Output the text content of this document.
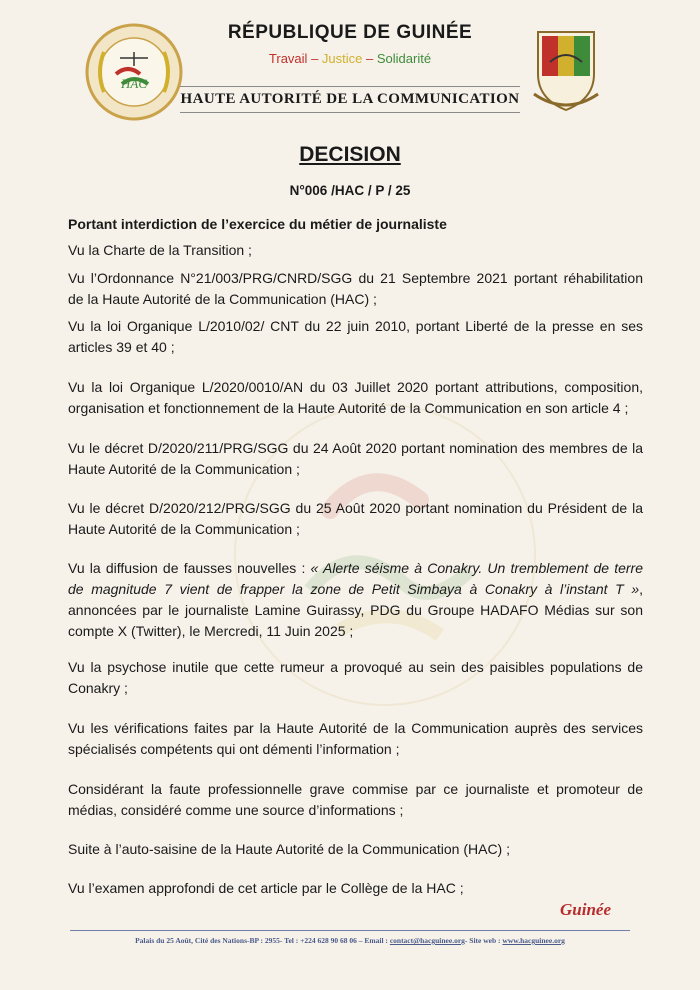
HAC
RÉPUBLIQUE DE GUINÉE
Travail – Justice – Solidarité
HAUTE AUTORITÉ DE LA COMMUNICATION
DECISION
N°006 /HAC / P / 25
Portant interdiction de l’exercice du métier de journaliste
Vu la Charte de la Transition ;
Vu l’Ordonnance N°21/003/PRG/CNRD/SGG du 21 Septembre 2021 portant réhabilitation de la Haute Autorité de la Communication (HAC) ;
Vu la loi Organique L/2010/02/ CNT du 22 juin 2010, portant Liberté de la presse en ses articles 39 et 40 ;
Vu la loi Organique L/2020/0010/AN du 03 Juillet 2020 portant attributions, composition, organisation et fonctionnement de la Haute Autorité de la Communication en son article 4 ;
Vu le décret D/2020/211/PRG/SGG du 24 Août 2020 portant nomination des membres de la Haute Autorité de la Communication ;
Vu le décret D/2020/212/PRG/SGG du 25 Août 2020 portant nomination du Président de la Haute Autorité de la Communication ;
Vu la diffusion de fausses nouvelles : « Alerte séisme à Conakry. Un tremblement de terre de magnitude 7 vient de frapper la zone de Petit Simbaya à Conakry à l’instant T », annoncées par le journaliste Lamine Guirassy, PDG du Groupe HADAFO Médias sur son compte X (Twitter), le Mercredi, 11 Juin 2025 ;
Vu la psychose inutile que cette rumeur a provoqué au sein des paisibles populations de Conakry ;
Vu les vérifications faites par la Haute Autorité de la Communication auprès des services spécialisés compétents qui ont démenti l’information ;
Considérant la faute professionnelle grave commise par ce journaliste et promoteur de médias, considéré comme une source d’informations ;
Suite à l’auto-saisine de la Haute Autorité de la Communication (HAC) ;
Vu l’examen approfondi de cet article par le Collège de la HAC ;
Guinée
Palais du 25 Août, Cité des Nations-BP : 2955- Tel : +224 628 90 68 06 – Email : contact@hacguinee.org- Site web : www.hacguinee.org
